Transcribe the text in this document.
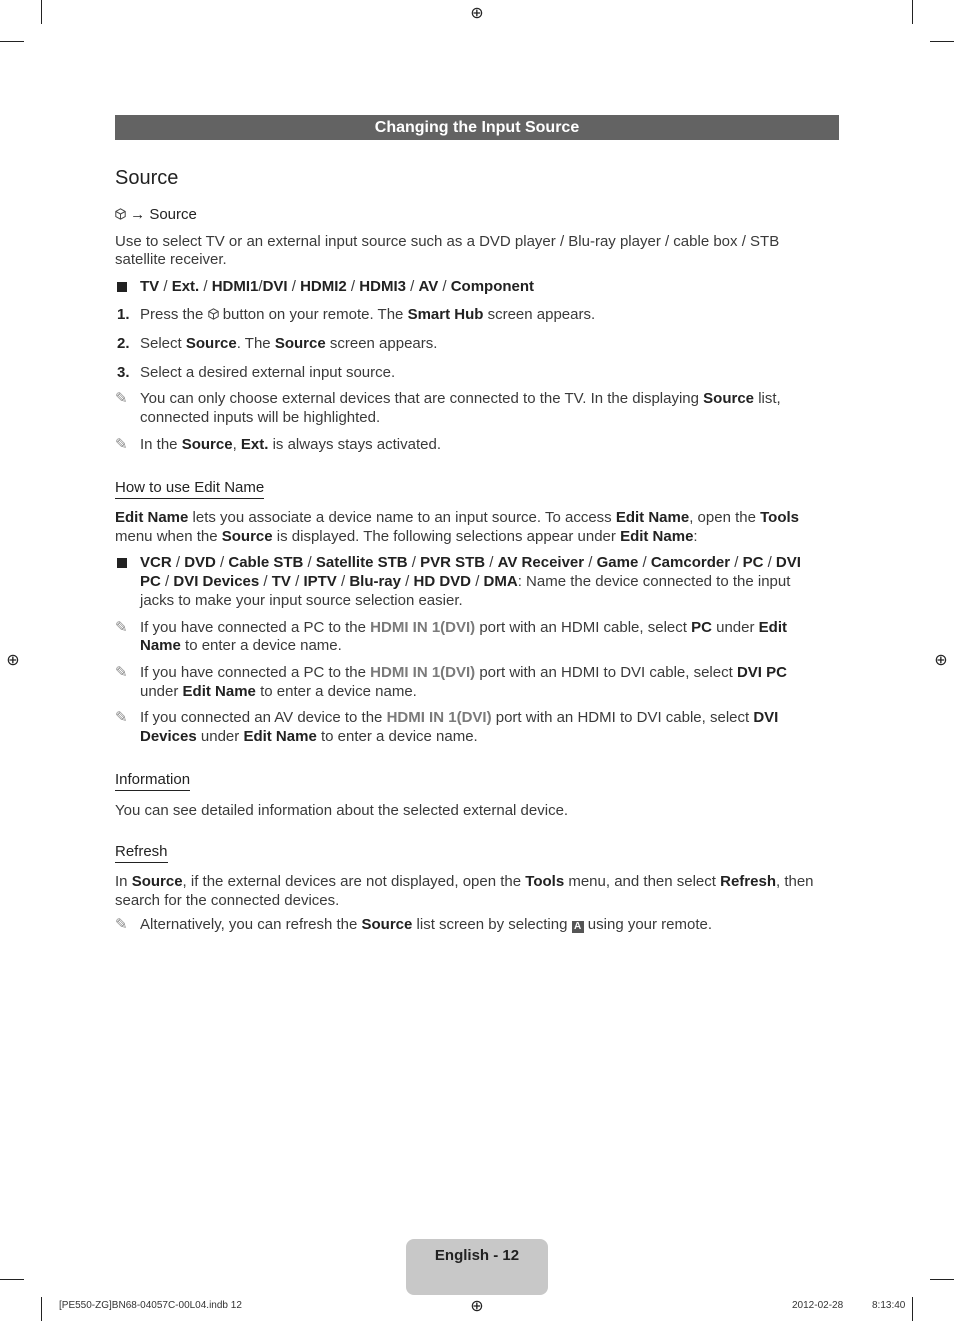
⊕
⊕	⊕
⊕
Changing the Input Source
Source
→ Source
Use to select TV or an external input source such as a DVD player / Blu-ray player / cable box / STB
satellite receiver.
TV / Ext. / HDMI1/DVI / HDMI2 / HDMI3 / AV / Component
1. Press the button on your remote. The Smart Hub screen appears.
2. Select Source. The Source screen appears.
3. Select a desired external input source.
✎ You can only choose external devices that are connected to the TV. In the displaying Source list,
connected inputs will be highlighted.
✎ In the Source, Ext. is always stays activated.
How to use Edit Name
Edit Name lets you associate a device name to an input source. To access Edit Name, open the Tools
menu when the Source is displayed. The following selections appear under Edit Name:
VCR / DVD / Cable STB / Satellite STB / PVR STB / AV Receiver / Game / Camcorder / PC / DVI
PC / DVI Devices / TV / IPTV / Blu-ray / HD DVD / DMA: Name the device connected to the input
jacks to make your input source selection easier.
✎ If you have connected a PC to the HDMI IN 1(DVI) port with an HDMI cable, select PC under Edit
Name to enter a device name.
✎ If you have connected a PC to the HDMI IN 1(DVI) port with an HDMI to DVI cable, select DVI PC
under Edit Name to enter a device name.
✎ If you connected an AV device to the HDMI IN 1(DVI) port with an HDMI to DVI cable, select DVI
Devices under Edit Name to enter a device name.
Information
You can see detailed information about the selected external device.
Refresh
In Source, if the external devices are not displayed, open the Tools menu, and then select Refresh, then
search for the connected devices.
✎ Alternatively, you can refresh the Source list screen by selecting A using your remote.
English - 12
[PE550-ZG]BN68-04057C-00L04.indb 12	2012-02-28	8:13:40
